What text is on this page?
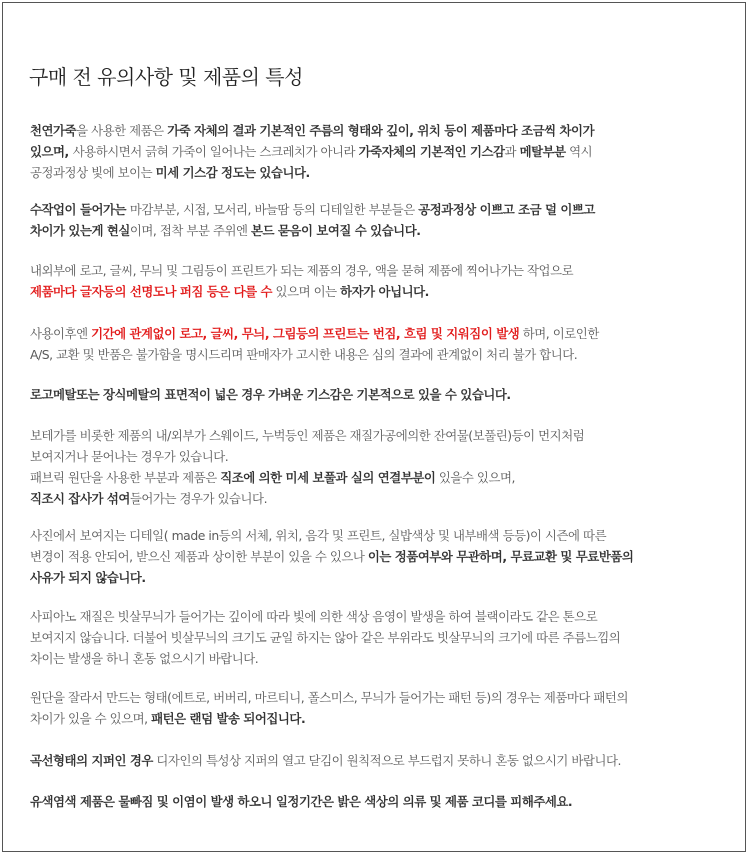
구매 전 유의사항 및 제품의 특성
천연가죽을 사용한 제품은 가죽 자체의 결과 기본적인 주름의 형태와 깊이, 위치 등이 제품마다 조금씩 차이가
있으며, 사용하시면서 긁혀 가죽이 일어나는 스크레치가 아니라 가죽자체의 기본적인 기스감과 메탈부분 역시
공정과정상 빛에 보이는 미세 기스감 정도는 있습니다.
수작업이 들어가는 마감부분, 시접, 모서리, 바늘땀 등의 디테일한 부분들은 공정과정상 이쁘고 조금 덜 이쁘고
차이가 있는게 현실이며, 접착 부분 주위엔 본드 묻음이 보여질 수 있습니다.
내외부에 로고, 글씨, 무늬 및 그림등이 프린트가 되는 제품의 경우, 액을 묻혀 제품에 찍어나가는 작업으로
제품마다 글자등의 선명도나 퍼짐 등은 다를 수 있으며 이는 하자가 아닙니다.
사용이후엔 기간에 관계없이 로고, 글씨, 무늬, 그림등의 프린트는 번짐, 흐림 및 지워짐이 발생 하며, 이로인한
A/S, 교환 및 반품은 불가함을 명시드리며 판매자가 고시한 내용은 심의 결과에 관계없이 처리 불가 합니다.
로고메탈또는 장식메탈의 표면적이 넓은 경우 가벼운 기스감은 기본적으로 있을 수 있습니다.
보테가를 비롯한 제품의 내/외부가 스웨이드, 누벅등인 제품은 재질가공에의한 잔여물(보풀린)등이 먼지처럼
보여지거나 묻어나는 경우가 있습니다.
패브릭 원단을 사용한 부분과 제품은 직조에 의한 미세 보풀과 실의 연결부분이 있을수 있으며,
직조시 잡사가 섞여들어가는 경우가 있습니다.
사진에서 보여지는 디테일( made in등의 서체, 위치, 음각 및 프린트, 실밥색상 및 내부배색 등등)이 시즌에 따른
변경이 적용 안되어, 받으신 제품과 상이한 부분이 있을 수 있으나 이는 정품여부와 무관하며, 무료교환 및 무료반품의
사유가 되지 않습니다.
사피아노 재질은 빗살무늬가 들어가는 깊이에 따라 빛에 의한 색상 음영이 발생을 하여 블랙이라도 같은 톤으로
보여지지 않습니다. 더불어 빗살무늬의 크기도 균일 하지는 않아 같은 부위라도 빗살무늬의 크기에 따른 주름느낌의
차이는 발생을 하니 혼동 없으시기 바랍니다.
원단을 잘라서 만드는 형태(에트로, 버버리, 마르티니, 폴스미스, 무늬가 들어가는 패턴 등)의 경우는 제품마다 패턴의
차이가 있을 수 있으며, 패턴은 랜덤 발송 되어집니다.
곡선형태의 지퍼인 경우 디자인의 특성상 지퍼의 열고 닫김이 원칙적으로 부드럽지 못하니 혼동 없으시기 바랍니다.
유색염색 제품은 물빠짐 및 이염이 발생 하오니 일정기간은 밝은 색상의 의류 및 제품 코디를 피해주세요.
